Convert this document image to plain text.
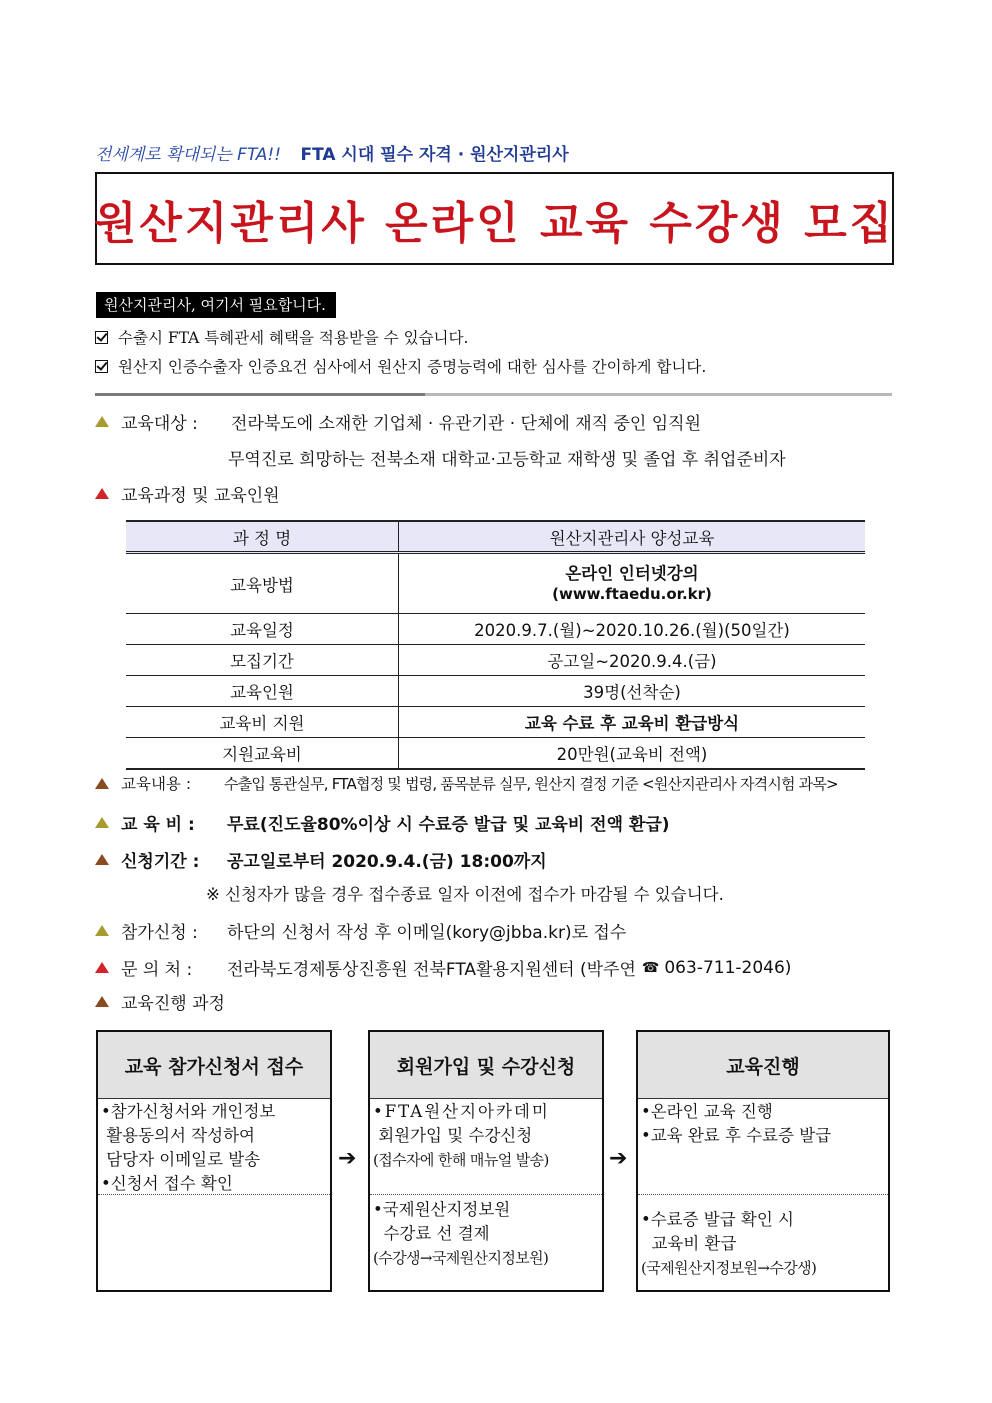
전세계로 확대되는 FTA!! FTA 시대 필수 자격 · 원산지관리사
원산지관리사 온라인 교육 수강생 모집
원산지관리사, 여기서 필요합니다.
수출시 FTA 특혜관세 혜택을 적용받을 수 있습니다.
원산지 인증수출자 인증요건 심사에서 원산지 증명능력에 대한 심사를 간이하게 합니다.
교육대상 :	전라북도에 소재한 기업체 · 유관기관 · 단체에 재직 중인 임직원
무역진로 희망하는 전북소재 대학교·고등학교 재학생 및 졸업 후 취업준비자
교육과정 및 교육인원
과 정 명	원산지관리사 양성교육
교육방법	온라인 인터넷강의
(www.ftaedu.or.kr)

교육일정	2020.9.7.(월)~2020.10.26.(월)(50일간)
모집기간	공고일~2020.9.4.(금)
교육인원	39명(선착순)
교육비 지원	교육 수료 후 교육비 환급방식
지원교육비	20만원(교육비 전액)
교육내용 :	수출입 통관실무, FTA협정 및 법령, 품목분류 실무, 원산지 결정 기준 <원산지관리사 자격시험 과목>
교 육 비 :	무료(진도율80%이상 시 수료증 발급 및 교육비 전액 환급)
신청기간 :	공고일로부터 2020.9.4.(금) 18:00까지
※ 신청자가 많을 경우 접수종료 일자 이전에 접수가 마감될 수 있습니다.
참가신청 :	하단의 신청서 작성 후 이메일(kory@jbba.kr)로 접수
문 의 처 :	전라북도경제통상진흥원 전북FTA활용지원센터 (박주연 ☎ 063-711-2046)
교육진행 과정
교육 참가신청서 접수
•참가신청서와 개인정보
활용동의서 작성하여
담당자 이메일로 발송
•신청서 접수 확인
➔
회원가입 및 수강신청
•FTA원산지아카데미
회원가입 및 수강신청
(접수자에 한해 매뉴얼 발송)
•국제원산지정보원
수강료 선 결제
(수강생→국제원산지정보원)
➔
교육진행
•온라인 교육 진행
•교육 완료 후 수료증 발급
•수료증 발급 확인 시
교육비 환급
(국제원산지정보원→수강생)
